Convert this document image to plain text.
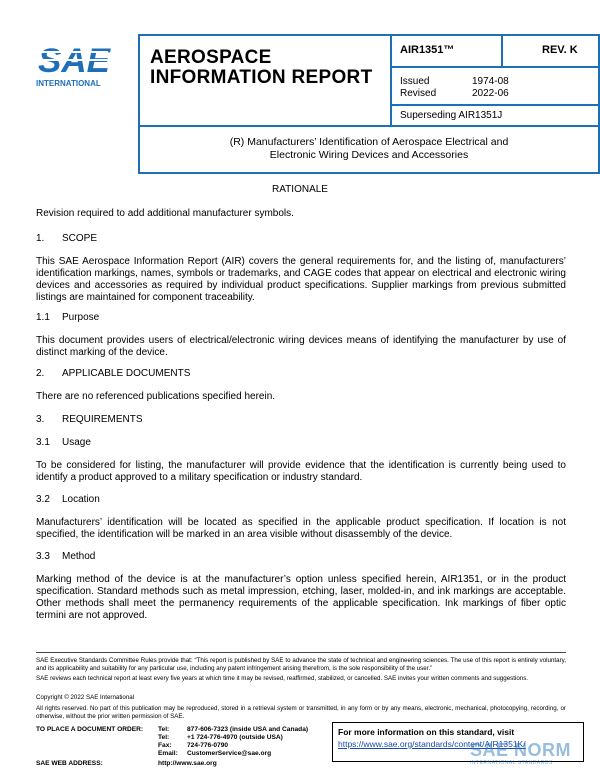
SAE
INTERNATIONAL
AEROSPACE
INFORMATION REPORT
AIR1351™	REV. K
Issued	1974-08
Revised	2022-06
Superseding AIR1351J
(R) Manufacturers’ Identification of Aerospace Electrical and
Electronic Wiring Devices and Accessories
RATIONALE
Revision required to add additional manufacturer symbols.
1. SCOPE
This SAE Aerospace Information Report (AIR) covers the general requirements for, and the listing of, manufacturers’ identification markings, names, symbols or trademarks, and CAGE codes that appear on electrical and electronic wiring devices and accessories as required by individual product specifications. Supplier markings from previous submitted listings are maintained for component traceability.
1.1 Purpose
This document provides users of electrical/electronic wiring devices means of identifying the manufacturer by use of distinct marking of the device.
2. APPLICABLE DOCUMENTS
There are no referenced publications specified herein.
3. REQUIREMENTS
3.1 Usage
To be considered for listing, the manufacturer will provide evidence that the identification is currently being used to identify a product approved to a military specification or industry standard.
3.2 Location
Manufacturers’ identification will be located as specified in the applicable product specification. If location is not specified, the identification will be marked in an area visible without disassembly of the device.
3.3 Method
Marking method of the device is at the manufacturer’s option unless specified herein, AIR1351, or in the product specification. Standard methods such as metal impression, etching, laser, molded-in, and ink markings are acceptable. Other methods shall meet the permanency requirements of the applicable specification. Ink markings of fiber optic termini are not approved.
SAE Executive Standards Committee Rules provide that: “This report is published by SAE to advance the state of technical and engineering sciences. The use of this report is entirely voluntary, and its applicability and suitability for any particular use, including any patent infringement arising therefrom, is the sole responsibility of the user.”
SAE reviews each technical report at least every five years at which time it may be revised, reaffirmed, stabilized, or cancelled. SAE invites your written comments and suggestions.
Copyright © 2022 SAE International
All rights reserved. No part of this publication may be reproduced, stored in a retrieval system or transmitted, in any form or by any means, electronic, mechanical, photocopying, recording, or otherwise, without the prior written permission of SAE.
TO PLACE A DOCUMENT ORDER: Tel:	877-606-7323 (inside USA and Canada)
Tel:	+1 724-776-4970 (outside USA)
Fax: 724-776-0790
Email: CustomerService@sae.org
SAE WEB ADDRESS:	http://www.sae.org
For more information on this standard, visit
https://www.sae.org/standards/content/AIR1351K/
SAE NORM
INTERNATIONAL STANDARDS
